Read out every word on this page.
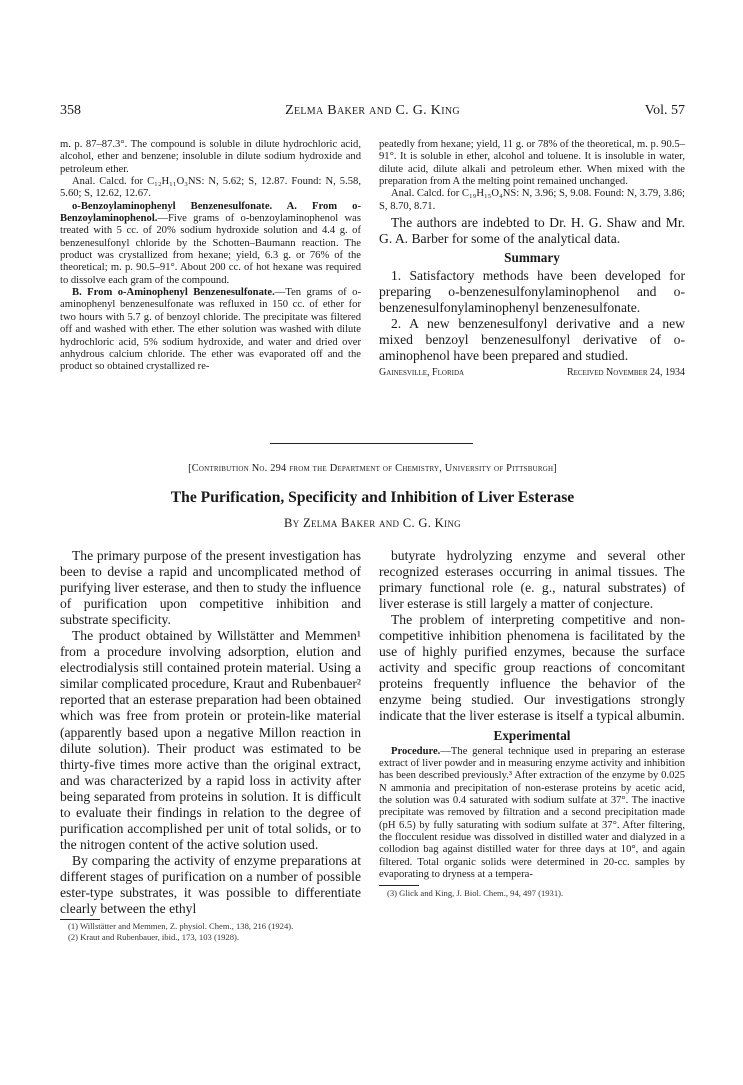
358	Zelma Baker and C. G. King	Vol. 57

m. p. 87–87.3°. The compound is soluble in dilute hydrochloric acid, alcohol, ether and benzene; insoluble in dilute sodium hydroxide and petroleum ether.

Anal. Calcd. for C₁₂H₁₁O₃NS: N, 5.62; S, 12.87. Found: N, 5.58, 5.60; S, 12.62, 12.67.

o-Benzoylaminophenyl Benzenesulfonate. A. From o-Benzoylaminophenol.—Five grams of o-benzoylaminophenol was treated with 5 cc. of 20% sodium hydroxide solution and 4.4 g. of benzenesulfonyl chloride by the Schotten–Baumann reaction. The product was crystallized from hexane; yield, 6.3 g. or 76% of the theoretical; m. p. 90.5–91°. About 200 cc. of hot hexane was required to dissolve each gram of the compound.

B. From o-Aminophenyl Benzenesulfonate.—Ten grams of o-aminophenyl benzenesulfonate was refluxed in 150 cc. of ether for two hours with 5.7 g. of benzoyl chloride. The precipitate was filtered off and washed with ether. The ether solution was washed with dilute hydrochloric acid, 5% sodium hydroxide, and water and dried over anhydrous calcium chloride. The ether was evaporated off and the product so obtained crystallized re-

peatedly from hexane; yield, 11 g. or 78% of the theoretical, m. p. 90.5–91°. It is soluble in ether, alcohol and toluene. It is insoluble in water, dilute acid, dilute alkali and petroleum ether. When mixed with the preparation from A the melting point remained unchanged.

Anal. Calcd. for C₁₉H₁₅O₄NS: N, 3.96; S, 9.08. Found: N, 3.79, 3.86; S, 8.70, 8.71.

The authors are indebted to Dr. H. G. Shaw and Mr. G. A. Barber for some of the analytical data.

Summary

1. Satisfactory methods have been developed for preparing o-benzenesulfonylaminophenol and o-benzenesulfonylaminophenyl benzenesulfonate.

2. A new benzenesulfonyl derivative and a new mixed benzoyl benzenesulfonyl derivative of o-aminophenol have been prepared and studied.

Gainesville, Florida	Received November 24, 1934
[Contribution No. 294 from the Department of Chemistry, University of Pittsburgh]
The Purification, Specificity and Inhibition of Liver Esterase
By Zelma Baker and C. G. King

The primary purpose of the present investigation has been to devise a rapid and uncomplicated method of purifying liver esterase, and then to study the influence of purification upon competitive inhibition and substrate specificity.

The product obtained by Willstätter and Memmen¹ from a procedure involving adsorption, elution and electrodialysis still contained protein material. Using a similar complicated procedure, Kraut and Rubenbauer² reported that an esterase preparation had been obtained which was free from protein or protein-like material (apparently based upon a negative Millon reaction in dilute solution). Their product was estimated to be thirty-five times more active than the original extract, and was characterized by a rapid loss in activity after being separated from proteins in solution. It is difficult to evaluate their findings in relation to the degree of purification accomplished per unit of total solids, or to the nitrogen content of the active solution used.

By comparing the activity of enzyme preparations at different stages of purification on a number of possible ester-type substrates, it was possible to differentiate clearly between the ethyl

(1) Willstätter and Memmen, Z. physiol. Chem., 138, 216 (1924).

(2) Kraut and Rubenbauer, ibid., 173, 103 (1928).

butyrate hydrolyzing enzyme and several other recognized esterases occurring in animal tissues. The primary functional role (e. g., natural substrates) of liver esterase is still largely a matter of conjecture.

The problem of interpreting competitive and non-competitive inhibition phenomena is facilitated by the use of highly purified enzymes, because the surface activity and specific group reactions of concomitant proteins frequently influence the behavior of the enzyme being studied. Our investigations strongly indicate that the liver esterase is itself a typical albumin.

Experimental

Procedure.—The general technique used in preparing an esterase extract of liver powder and in measuring enzyme activity and inhibition has been described previously.³ After extraction of the enzyme by 0.025 N ammonia and precipitation of non-esterase proteins by acetic acid, the solution was 0.4 saturated with sodium sulfate at 37°. The inactive precipitate was removed by filtration and a second precipitation made (pH 6.5) by fully saturating with sodium sulfate at 37°. After filtering, the flocculent residue was dissolved in distilled water and dialyzed in a collodion bag against distilled water for three days at 10°, and again filtered. Total organic solids were determined in 20-cc. samples by evaporating to dryness at a tempera-

(3) Glick and King, J. Biol. Chem., 94, 497 (1931).
